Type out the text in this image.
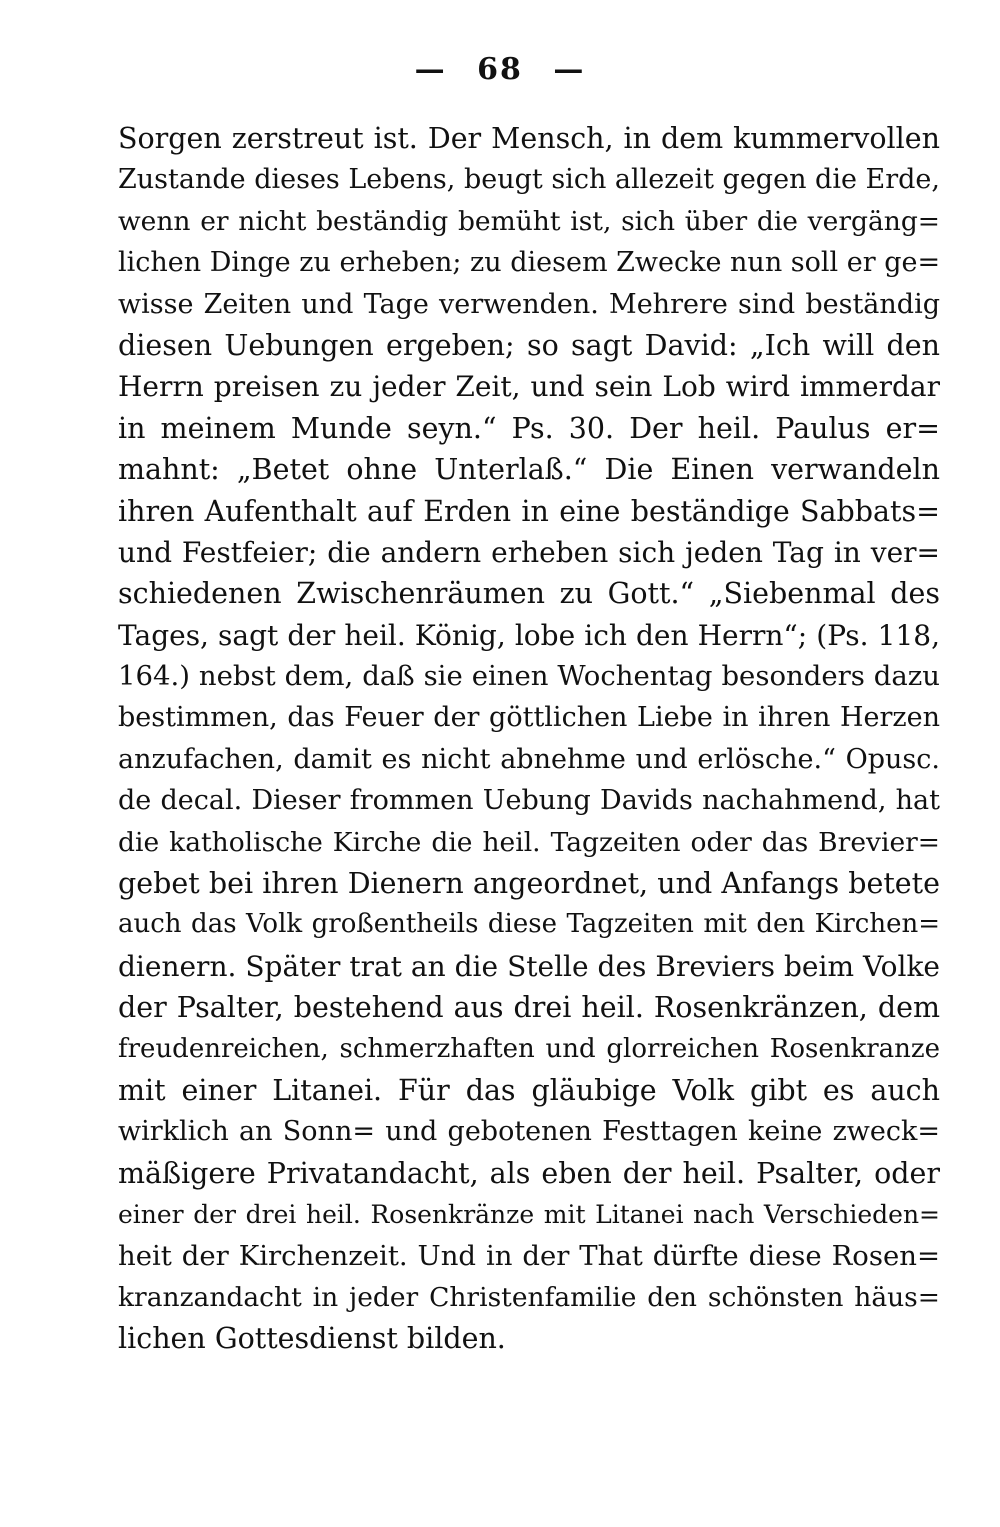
— 68 —
Sorgen zerstreut ist. Der Mensch, in dem kummervollen
Zustande dieses Lebens, beugt sich allezeit gegen die Erde,
wenn er nicht beständig bemüht ist, sich über die vergäng=
lichen Dinge zu erheben; zu diesem Zwecke nun soll er ge=
wisse Zeiten und Tage verwenden. Mehrere sind beständig
diesen Uebungen ergeben; so sagt David: „Ich will den
Herrn preisen zu jeder Zeit, und sein Lob wird immerdar
in meinem Munde seyn.“ Ps. 30. Der heil. Paulus er=
mahnt: „Betet ohne Unterlaß.“ Die Einen verwandeln
ihren Aufenthalt auf Erden in eine beständige Sabbats=
und Festfeier; die andern erheben sich jeden Tag in ver=
schiedenen Zwischenräumen zu Gott.“ „Siebenmal des
Tages, sagt der heil. König, lobe ich den Herrn“; (Ps. 118,
164.) nebst dem, daß sie einen Wochentag besonders dazu
bestimmen, das Feuer der göttlichen Liebe in ihren Herzen
anzufachen, damit es nicht abnehme und erlösche.“ Opusc.
de decal. Dieser frommen Uebung Davids nachahmend, hat
die katholische Kirche die heil. Tagzeiten oder das Brevier=
gebet bei ihren Dienern angeordnet, und Anfangs betete
auch das Volk großentheils diese Tagzeiten mit den Kirchen=
dienern. Später trat an die Stelle des Breviers beim Volke
der Psalter, bestehend aus drei heil. Rosenkränzen, dem
freudenreichen, schmerzhaften und glorreichen Rosenkranze
mit einer Litanei. Für das gläubige Volk gibt es auch
wirklich an Sonn= und gebotenen Festtagen keine zweck=
mäßigere Privatandacht, als eben der heil. Psalter, oder
einer der drei heil. Rosenkränze mit Litanei nach Verschieden=
heit der Kirchenzeit. Und in der That dürfte diese Rosen=
kranzandacht in jeder Christenfamilie den schönsten häus=
lichen Gottesdienst bilden.
